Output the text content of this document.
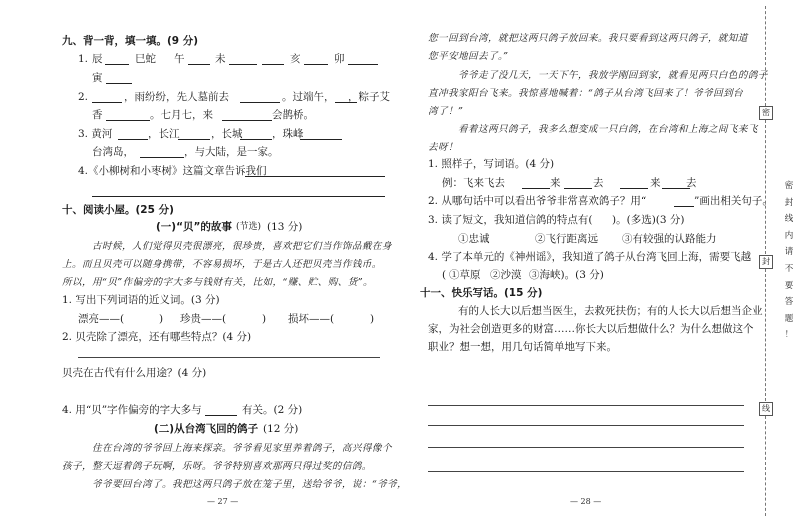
九、背一背，填一填。(9 分)
1. 辰	巳蛇 午	未	亥	卯
寅
2.	，雨纷纷，先人墓前去	。过端午， ，粽子艾
香	。七月七，来	会鹊桥。
3. 黄河	，长江	，长城	，珠峰
台湾岛，	，与大陆，是一家。
4.《小柳树和小枣树》这篇文章告诉我们
十、阅读小屋。(25 分)
(一)“贝”的故事 (节选) (13 分)
古时候，人们觉得贝壳很漂亮，很珍贵，喜欢把它们当作饰品戴在身
上。而且贝壳可以随身携带，不容易损坏，于是古人还把贝壳当作钱币。
所以，用“贝”作偏旁的字大多与钱财有关，比如，“赚、贮、购、货”。
1. 写出下列词语的近义词。(3 分)
漂亮——(	) 珍贵——(	) 损坏——(	)
2. 贝壳除了漂亮，还有哪些特点？(4 分)
贝壳在古代有什么用途？(4 分)
4. 用“贝”字作偏旁的字大多与	有关。(2 分)
(二)从台湾飞回的鸽子 (12 分)
住在台湾的爷爷回上海来探亲。爷爷看见家里养着鸽子，高兴得像个
孩子，整天逗着鸽子玩啊，乐呀。爷爷特别喜欢那两只得过奖的信鸽。
爷爷要回台湾了。我把这两只鸽子放在笼子里，送给爷爷，说：“爷爷，
— 27 —
您一回到台湾，就把这两只鸽子放回来。我只要看到这两只鸽子，就知道
您平安地回去了。”
爷爷走了没几天，一天下午，我放学刚回到家，就看见两只白色的鸽子
直冲我家阳台飞来。我惊喜地喊着：“鸽子从台湾飞回来了！爷爷回到台
湾了！”
看着这两只鸽子，我多么想变成一只白鸽，在台湾和上海之间飞来飞
去呀！
1. 照样子，写词语。(4 分)
例：飞来飞去	来	去	来 去
2. 从哪句话中可以看出爷爷非常喜欢鸽子？用“	”画出相关句子。
3. 读了短文，我知道信鸽的特点有( )。(多选)(3 分)
①忠诚	②飞行距离远 ③有较强的认路能力
4. 学了本单元的《神州谣》，我知道了鸽子从台湾飞回上海，需要飞越
( ①草原 ②沙漠 ③海峡)。(3 分)
十一、快乐写话。(15 分)
有的人长大以后想当医生，去救死扶伤；有的人长大以后想当企业
家，为社会创造更多的财富……你长大以后想做什么？为什么想做这个
职业？想一想，用几句话简单地写下来。
— 28 —
密
封
线
密
封
线
内
请
不
要
答
题
！
